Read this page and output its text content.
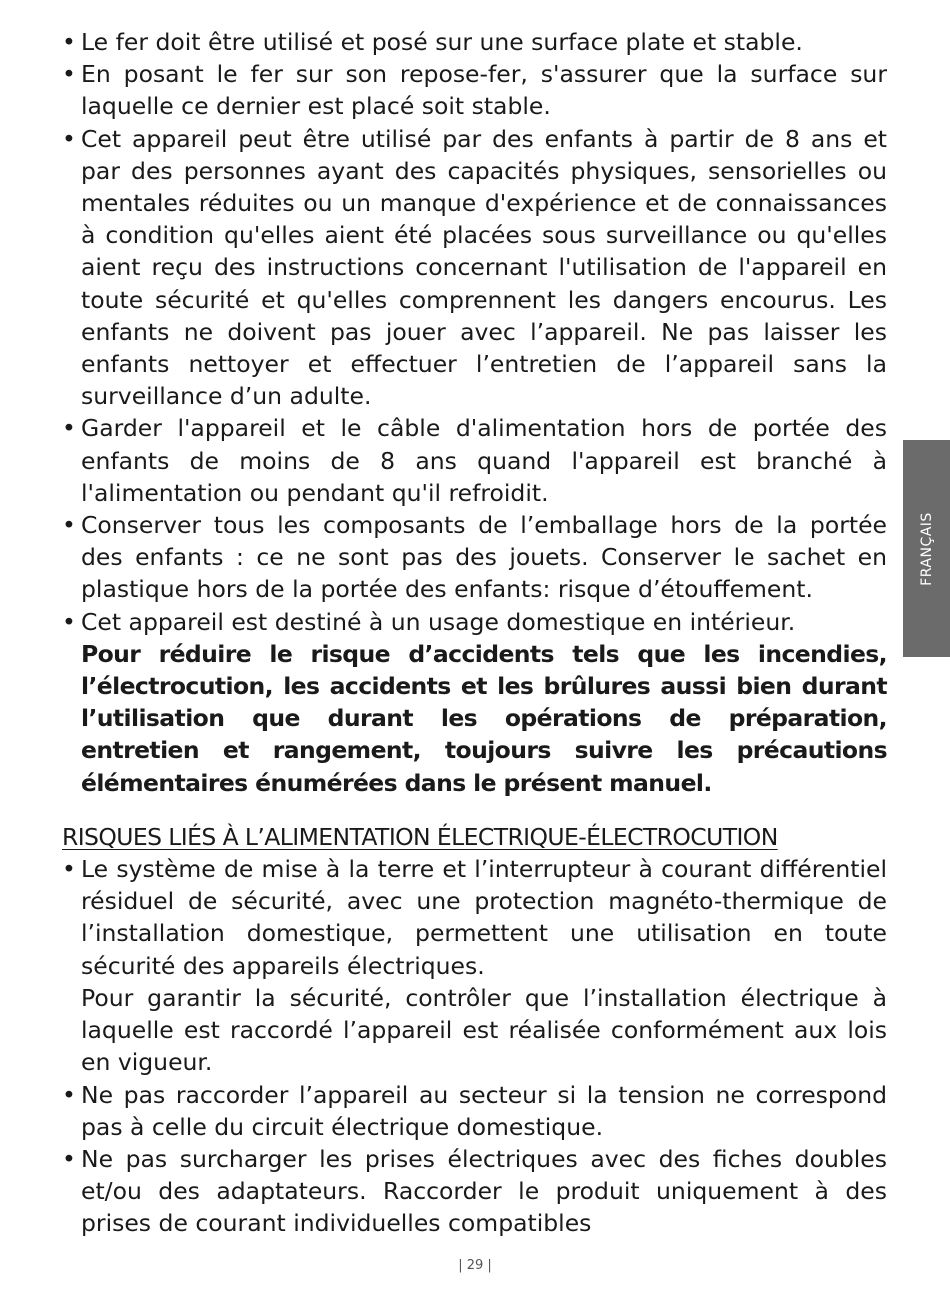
• Le fer doit être utilisé et posé sur une surface plate et stable.
• En posant le fer sur son repose-fer, s'assurer que la surface sur laquelle ce dernier est placé soit stable.
• Cet appareil peut être utilisé par des enfants à partir de 8 ans et par des personnes ayant des capacités physiques, sensorielles ou mentales réduites ou un manque d'expérience et de connaissances à condition qu'elles aient été placées sous surveillance ou qu'elles aient reçu des instructions concernant l'utilisation de l'appareil en toute sécurité et qu'elles comprennent les dangers encourus. Les enfants ne doivent pas jouer avec l’appareil. Ne pas laisser les enfants nettoyer et effectuer l’entretien de l’appareil sans la surveillance d’un adulte.
• Garder l'appareil et le câble d'alimentation hors de portée des enfants de moins de 8 ans quand l'appareil est branché à l'alimentation ou pendant qu'il refroidit.
• Conserver tous les composants de l’emballage hors de la portée des enfants : ce ne sont pas des jouets. Conserver le sachet en plastique hors de la portée des enfants: risque d’étouffement.
• Cet appareil est destiné à un usage domestique en intérieur.

Pour réduire le risque d’accidents tels que les incendies, l’électrocution, les accidents et les brûlures aussi bien durant l’utilisation que durant les opérations de préparation, entretien et rangement, toujours suivre les précautions élémentaires énumérées dans le présent manuel.

RISQUES LIÉS À L’ALIMENTATION ÉLECTRIQUE-ÉLECTROCUTION
• Le système de mise à la terre et l’interrupteur à courant différentiel résiduel de sécurité, avec une protection magnéto-thermique de l’installation domestique, permettent une utilisation en toute sécurité des appareils électriques.

Pour garantir la sécurité, contrôler que l’installation électrique à laquelle est raccordé l’appareil est réalisée conformément aux lois en vigueur.

• Ne pas raccorder l’appareil au secteur si la tension ne correspond pas à celle du circuit électrique domestique.
• Ne pas surcharger les prises électriques avec des fiches doubles et/ou des adaptateurs. Raccorder le produit uniquement à des prises de courant individuelles compatibles
FRANÇAIS
| 29 |
